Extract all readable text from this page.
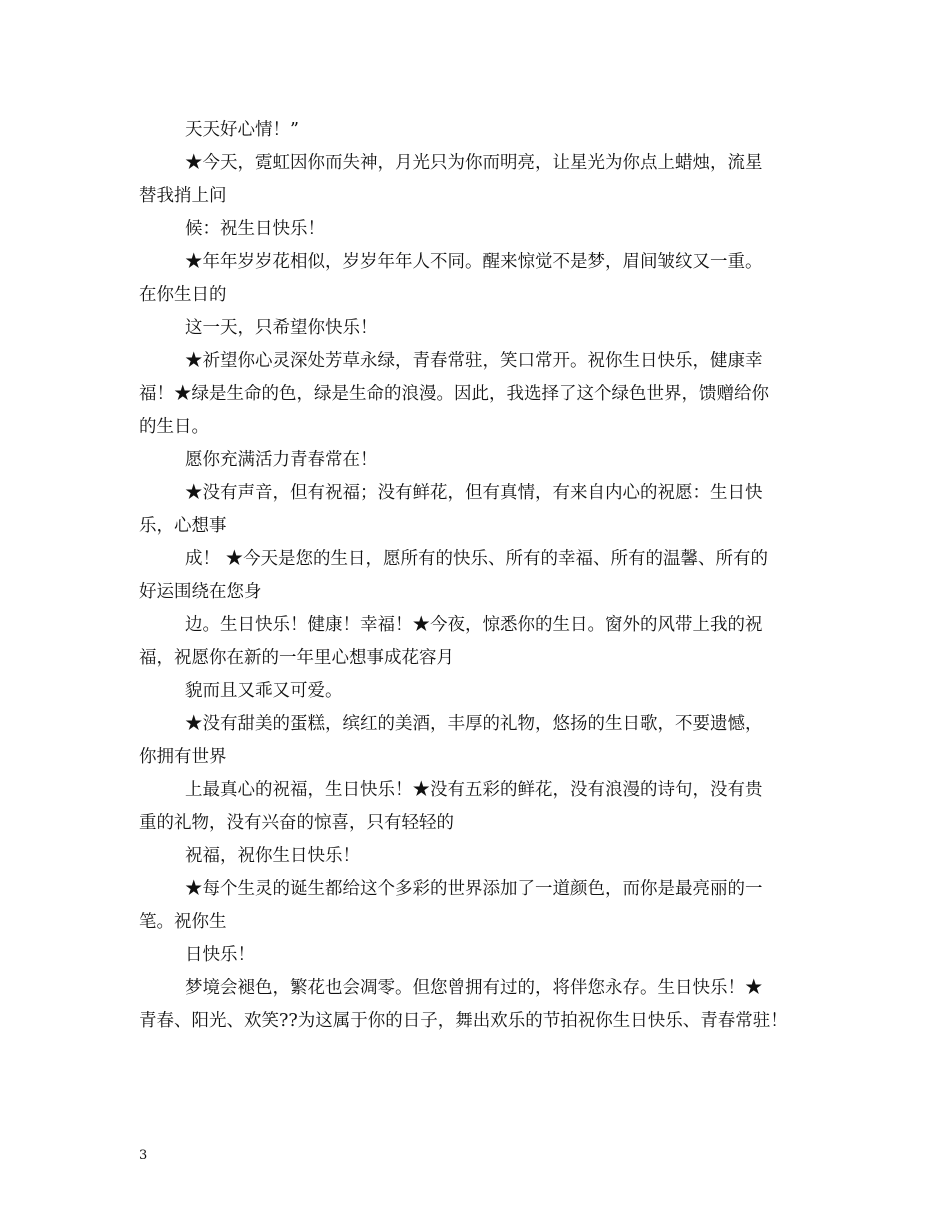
天天好心情！”

★今天，霓虹因你而失神，月光只为你而明亮，让星光为你点上蜡烛，流星

替我捎上问

候：祝生日快乐！

★年年岁岁花相似，岁岁年年人不同。醒来惊觉不是梦，眉间皱纹又一重。

在你生日的

这一天，只希望你快乐！

★祈望你心灵深处芳草永绿，青春常驻，笑口常开。祝你生日快乐，健康幸

福！★绿是生命的色，绿是生命的浪漫。因此，我选择了这个绿色世界，馈赠给你

的生日。

愿你充满活力青春常在！

★没有声音，但有祝福；没有鲜花，但有真情，有来自内心的祝愿：生日快

乐，心想事

成！ ★今天是您的生日，愿所有的快乐、所有的幸福、所有的温馨、所有的

好运围绕在您身

边。生日快乐！健康！幸福！★今夜，惊悉你的生日。窗外的风带上我的祝

福，祝愿你在新的一年里心想事成花容月

貌而且又乖又可爱。

★没有甜美的蛋糕，缤红的美酒，丰厚的礼物，悠扬的生日歌，不要遗憾，

你拥有世界

上最真心的祝福，生日快乐！★没有五彩的鲜花，没有浪漫的诗句，没有贵

重的礼物，没有兴奋的惊喜，只有轻轻的

祝福，祝你生日快乐！

★每个生灵的诞生都给这个多彩的世界添加了一道颜色，而你是最亮丽的一

笔。祝你生

日快乐！

梦境会褪色，繁花也会凋零。但您曾拥有过的，将伴您永存。生日快乐！★

青春、阳光、欢笑??为这属于你的日子，舞出欢乐的节拍祝你生日快乐、青春常驻！

3
